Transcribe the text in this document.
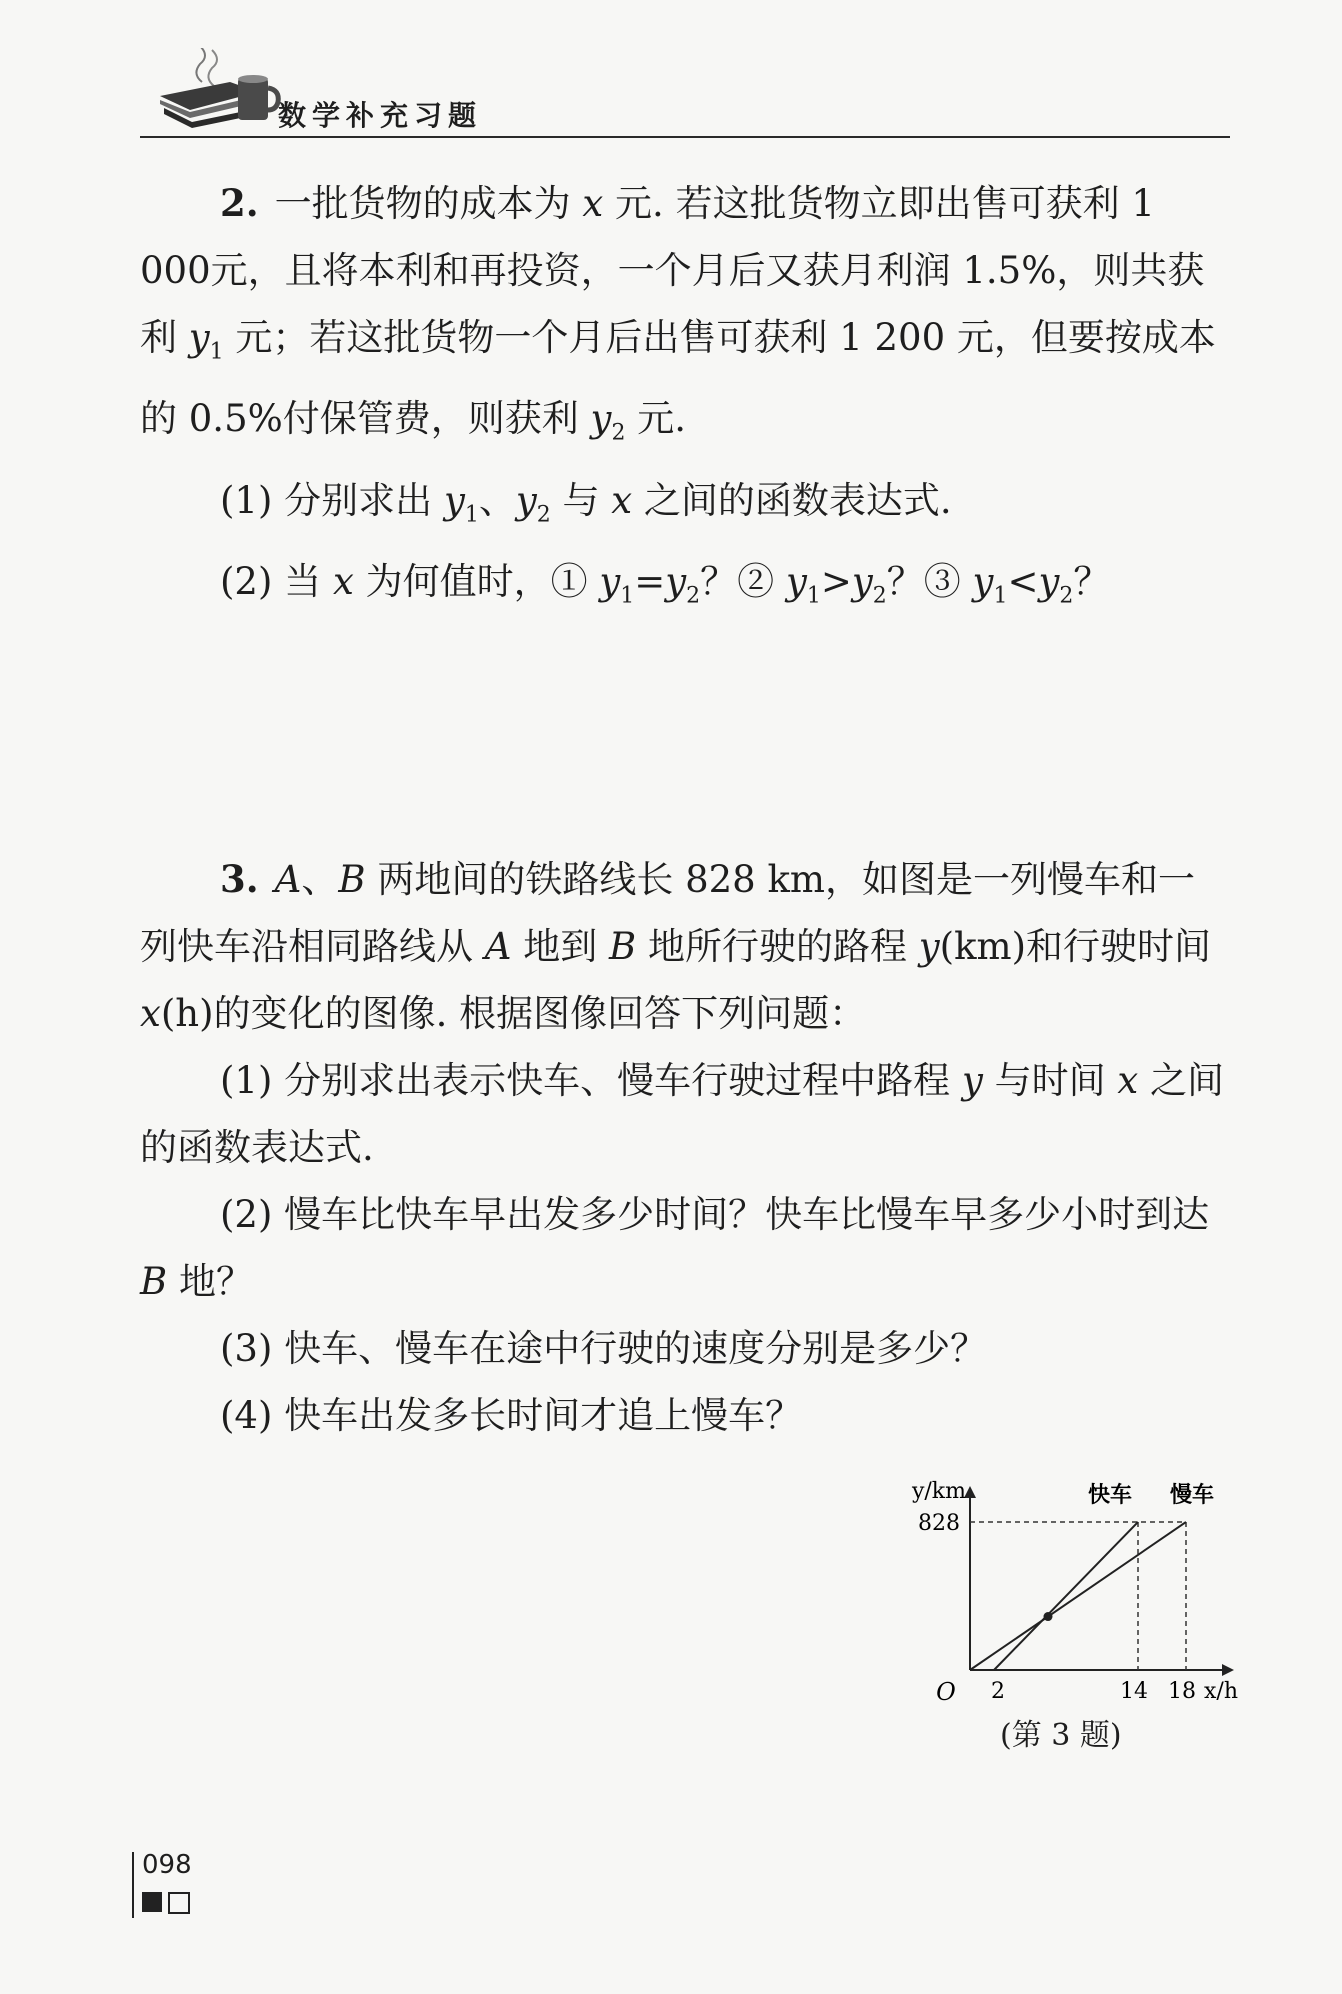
数学补充习题

2. 一批货物的成本为 x 元. 若这批货物立即出售可获利 1 000元，且将本利和再投资，一个月后又获月利润 1.5%，则共获利 $y_1$ 元；若这批货物一个月后出售可获利 1 200 元，但要按成本的 0.5%付保管费，则获利 $y_2$ 元.

(1) 分别求出 $y_1$、$y_2$ 与 x 之间的函数表达式.

(2) 当 x 为何值时，① $y_1=y_2$？② $y_1>y_2$？③ $y_1<y_2$？

3. A、B 两地间的铁路线长 828 km，如图是一列慢车和一列快车沿相同路线从 A 地到 B 地所行驶的路程 y(km)和行驶时间 x(h)的变化的图像. 根据图像回答下列问题：

(1) 分别求出表示快车、慢车行驶过程中路程 y 与时间 x 之间的函数表达式.

(2) 慢车比快车早出发多少时间？快车比慢车早多少小时到达 B 地？

(3) 快车、慢车在途中行驶的速度分别是多少？

(4) 快车出发多长时间才追上慢车？

828
2	14 18
O
y/km
x/h
快车 慢车
(第 3 题)
098
